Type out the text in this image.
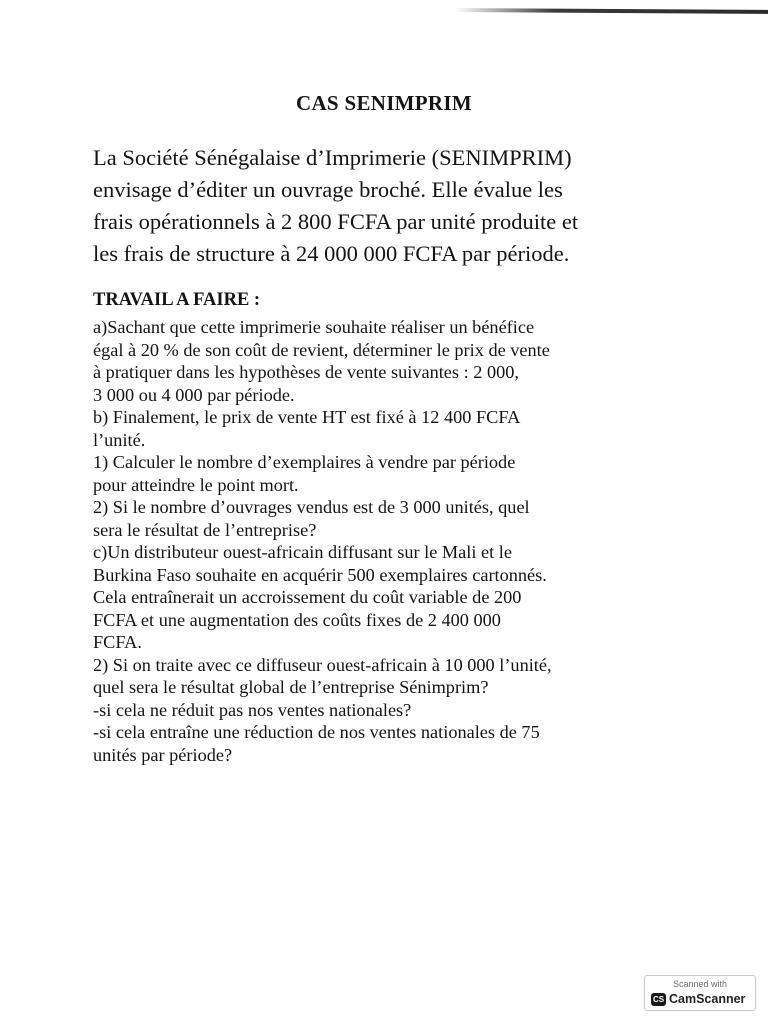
CAS SENIMPRIM

La Société Sénégalaise d’Imprimerie (SENIMPRIM)
envisage d’éditer un ouvrage broché. Elle évalue les
frais opérationnels à 2 800 FCFA par unité produite et
les frais de structure à 24 000 000 FCFA par période.

TRAVAIL A FAIRE :

a)Sachant que cette imprimerie souhaite réaliser un bénéfice
égal à 20 % de son coût de revient, déterminer le prix de vente
à pratiquer dans les hypothèses de vente suivantes : 2 000,
3 000 ou 4 000 par période.
b) Finalement, le prix de vente HT est fixé à 12 400 FCFA
l’unité.
1) Calculer le nombre d’exemplaires à vendre par période
pour atteindre le point mort.
2) Si le nombre d’ouvrages vendus est de 3 000 unités, quel
sera le résultat de l’entreprise?
c)Un distributeur ouest-africain diffusant sur le Mali et le
Burkina Faso souhaite en acquérir 500 exemplaires cartonnés.
Cela entraînerait un accroissement du coût variable de 200
FCFA et une augmentation des coûts fixes de 2 400 000
FCFA.
2) Si on traite avec ce diffuseur ouest-africain à 10 000 l’unité,
quel sera le résultat global de l’entreprise Sénimprim?
-si cela ne réduit pas nos ventes nationales?
-si cela entraîne une réduction de nos ventes nationales de 75
unités par période?

Scanned with
CS CamScanner
